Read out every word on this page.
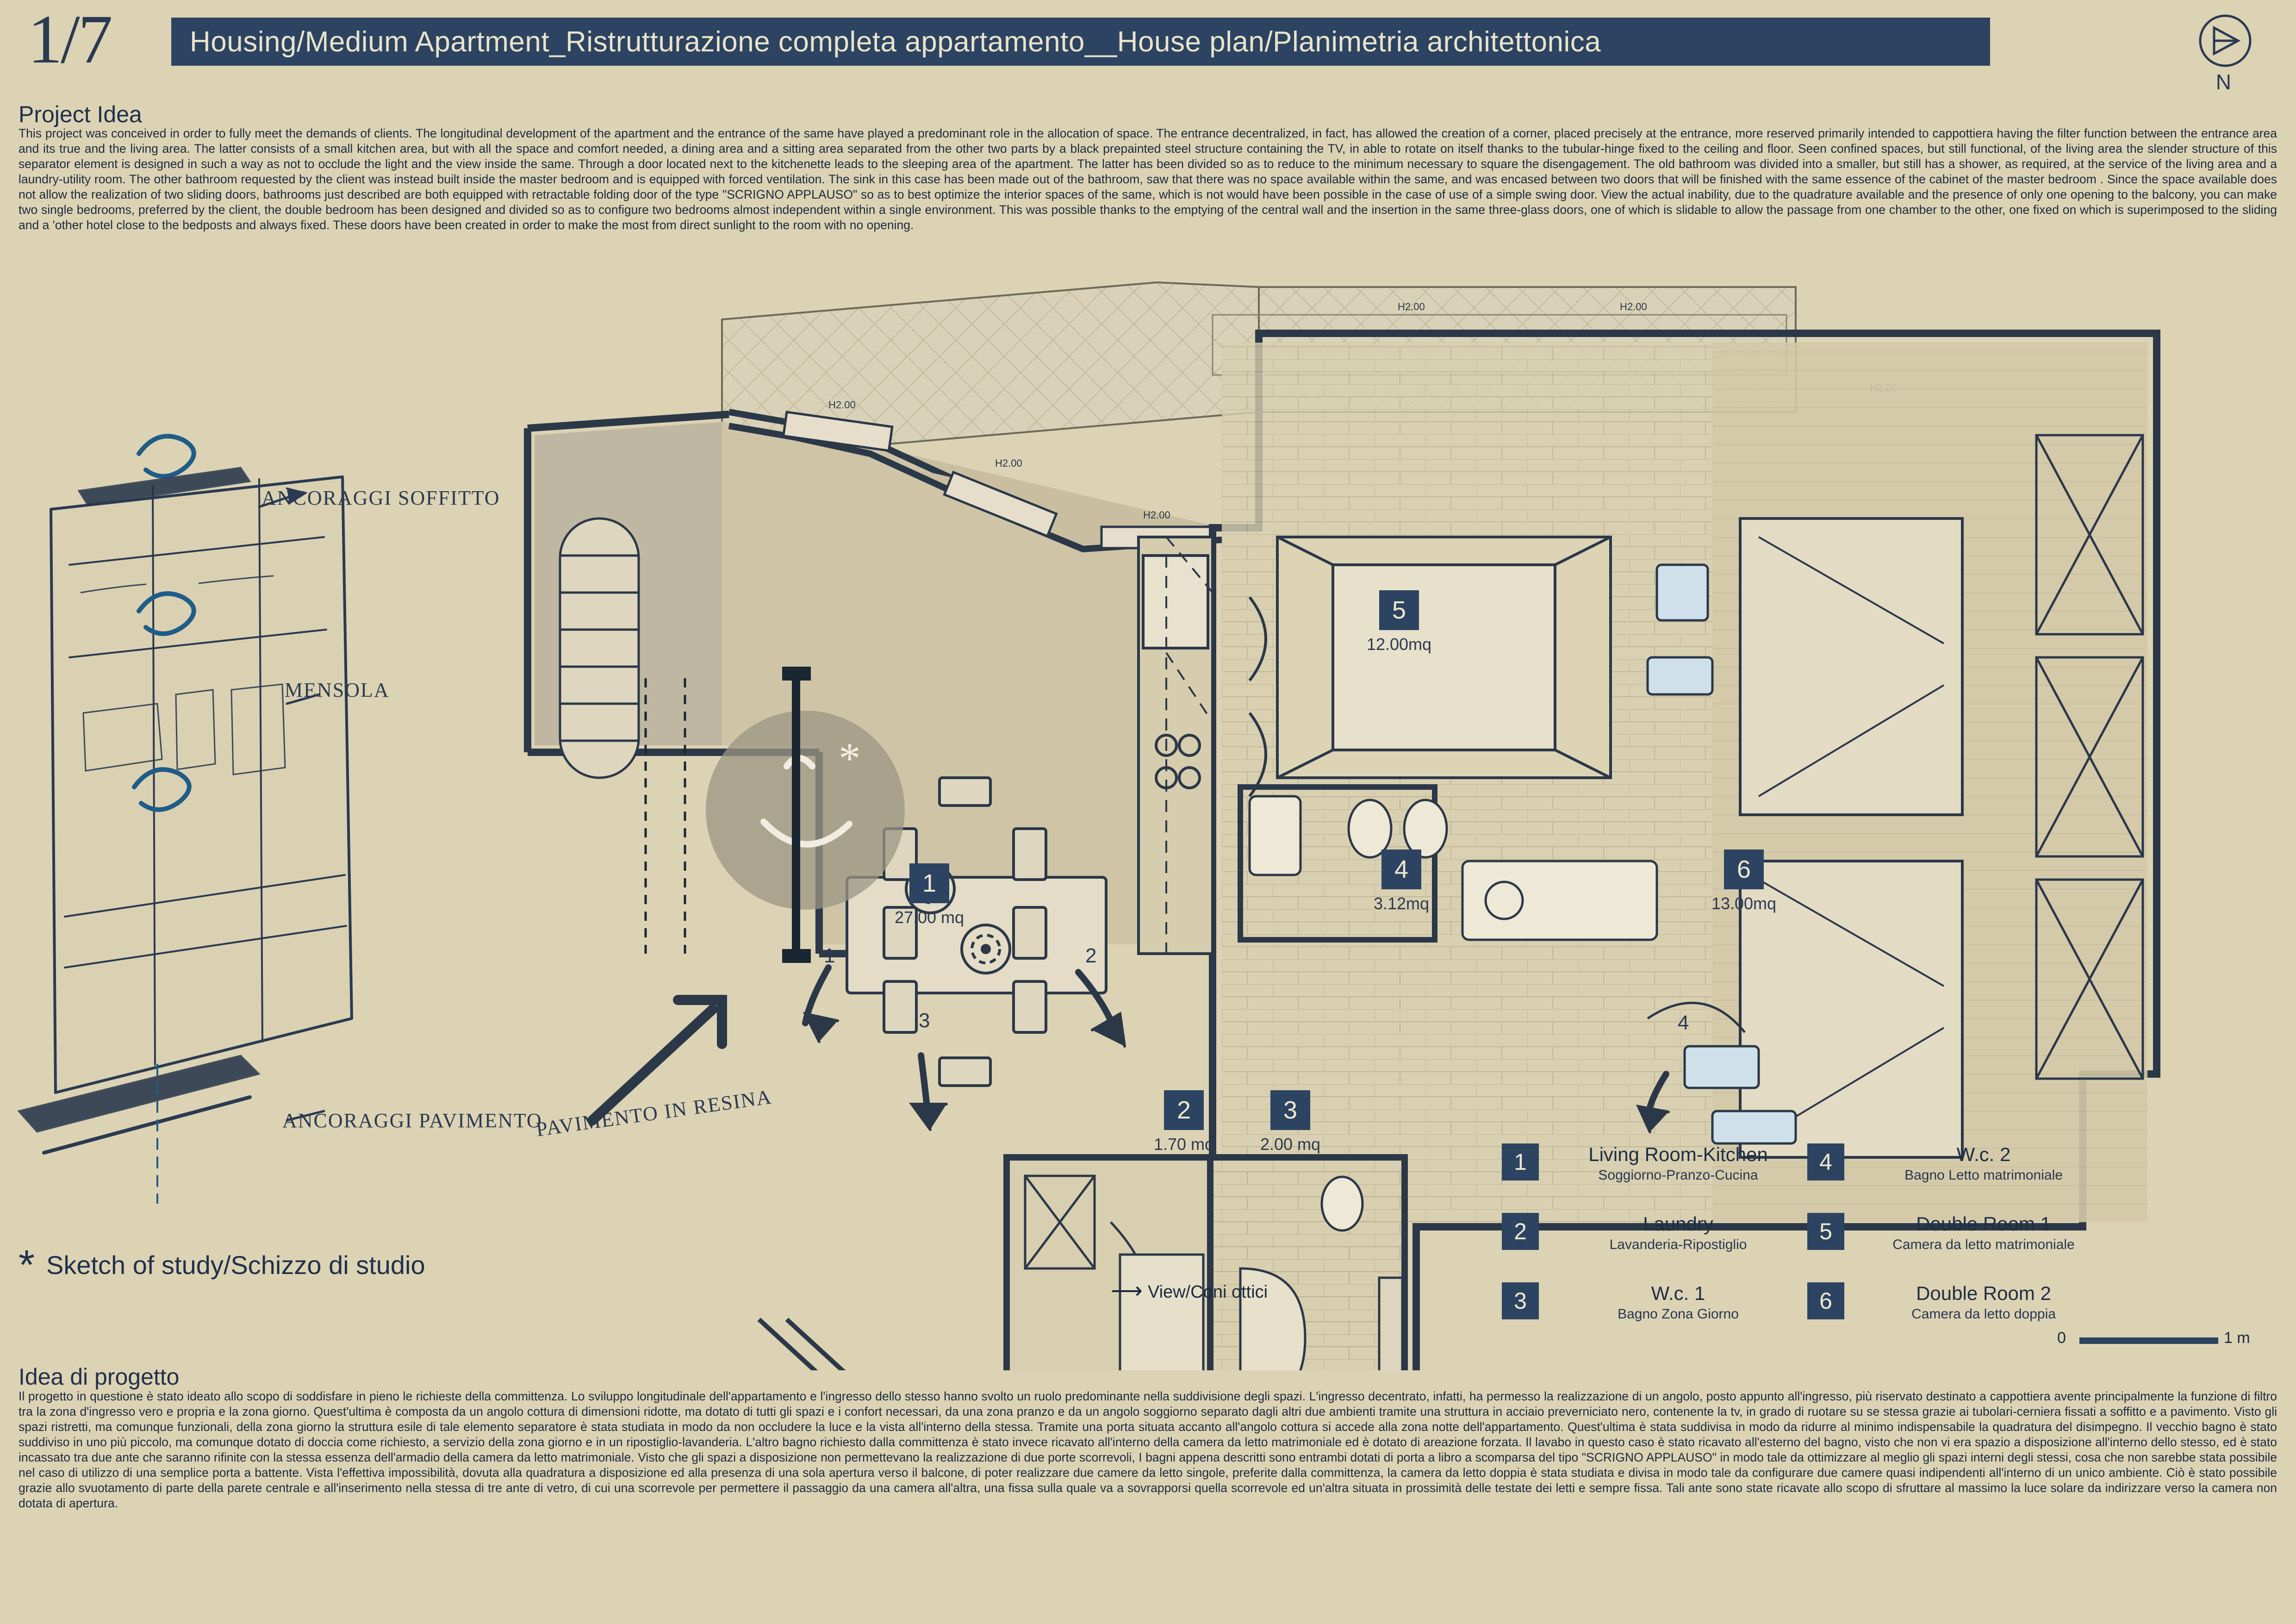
1/7	Housing/Medium Apartment_Ristrutturazione completa appartamento__House plan/Planimetria architettonica
N
Project Idea
This project was conceived in order to fully meet the demands of clients. The longitudinal development of the apartment and the entrance of the same have played a predominant role in the allocation of space. The entrance decentralized, in fact, has allowed the creation of a corner, placed precisely at the entrance, more reserved primarily intended to cappottiera having the filter function between the entrance area and its true and the living area. The latter consists of a small kitchen area, but with all the space and comfort needed, a dining area and a sitting area separated from the other two parts by a black prepainted steel structure containing the TV, in able to rotate on itself thanks to the tubular-hinge fixed to the ceiling and floor. Seen confined spaces, but still functional, of the living area the slender structure of this separator element is designed in such a way as not to occlude the light and the view inside the same. Through a door located next to the kitchenette leads to the sleeping area of the apartment. The latter has been divided so as to reduce to the minimum necessary to square the disengagement. The old bathroom was divided into a smaller, but still has a shower, as required, at the service of the living area and a laundry-utility room. The other bathroom requested by the client was instead built inside the master bedroom and is equipped with forced ventilation. The sink in this case has been made out of the bathroom, saw that there was no space available within the same, and was encased between two doors that will be finished with the same essence of the cabinet of the master bedroom . Since the space available does not allow the realization of two sliding doors, bathrooms just described are both equipped with retractable folding door of the type "SCRIGNO APPLAUSO" so as to best optimize the interior spaces of the same, which is not would have been possible in the case of use of a simple swing door. View the actual inability, due to the quadrature available and the presence of only one opening to the balcony, you can make two single bedrooms, preferred by the client, the double bedroom has been designed and divided so as to configure two bedrooms almost independent within a single environment. This was possible thanks to the emptying of the central wall and the insertion in the same three-glass doors, one of which is slidable to allow the passage from one chamber to the other, one fixed on which is superimposed to the sliding and a 'other hotel close to the bedposts and always fixed. These doors have been created in order to make the most from direct sunlight to the room with no opening.
ANCORAGGI SOFFITTO
MENSOLA
ANCORAGGI PAVIMENTO
PAVIMENTO IN RESINA
* Sketch of study/Schizzo di studio
H2.00
H2.00
H2.00
H2.00	H2.00
*
1
27.00 mq
2
1.70 mq
3
2.00 mq
4
3.12mq
5
12.00mq
6
13.00mq
1	2
3	4
⟶ View/Coni ottici
1	Living Room-Kitchen
Soggiorno-Pranzo-Cucina
4	W.c. 2
Bagno Letto matrimoniale
2	Laundry
Lavanderia-Ripostiglio
5	Double Room 1
Camera da letto matrimoniale
3	W.c. 1
Bagno Zona Giorno
6	Double Room 2
Camera da letto doppia
0	1 m
Idea di progetto
Il progetto in questione è stato ideato allo scopo di soddisfare in pieno le richieste della committenza. Lo sviluppo longitudinale dell'appartamento e l'ingresso dello stesso hanno svolto un ruolo predominante nella suddivisione degli spazi. L'ingresso decentrato, infatti, ha permesso la realizzazione di un angolo, posto appunto all'ingresso, più riservato destinato a cappottiera avente principalmente la funzione di filtro tra la zona d'ingresso vero e propria e la zona giorno. Quest'ultima è composta da un angolo cottura di dimensioni ridotte, ma dotato di tutti gli spazi e i confort necessari, da una zona pranzo e da un angolo soggiorno separato dagli altri due ambienti tramite una struttura in acciaio preverniciato nero, contenente la tv, in grado di ruotare su se stessa grazie ai tubolari-cerniera fissati a soffitto e a pavimento. Visto gli spazi ristretti, ma comunque funzionali, della zona giorno la struttura esile di tale elemento separatore è stata studiata in modo da non occludere la luce e la vista all'interno della stessa. Tramite una porta situata accanto all'angolo cottura si accede alla zona notte dell'appartamento. Quest'ultima è stata suddivisa in modo da ridurre al minimo indispensabile la quadratura del disimpegno. Il vecchio bagno è stato suddiviso in uno più piccolo, ma comunque dotato di doccia come richiesto, a servizio della zona giorno e in un ripostiglio-lavanderia. L'altro bagno richiesto dalla committenza è stato invece ricavato all'interno della camera da letto matrimoniale ed è dotato di areazione forzata. Il lavabo in questo caso è stato ricavato all'esterno del bagno, visto che non vi era spazio a disposizione all'interno dello stesso, ed è stato incassato tra due ante che saranno rifinite con la stessa essenza dell'armadio della camera da letto matrimoniale. Visto che gli spazi a disposizione non permettevano la realizzazione di due porte scorrevoli, I bagni appena descritti sono entrambi dotati di porta a libro a scomparsa del tipo "SCRIGNO APPLAUSO" in modo tale da ottimizzare al meglio gli spazi interni degli stessi, cosa che non sarebbe stata possibile nel caso di utilizzo di una semplice porta a battente. Vista l'effettiva impossibilità, dovuta alla quadratura a disposizione ed alla presenza di una sola apertura verso il balcone, di poter realizzare due camere da letto singole, preferite dalla committenza, la camera da letto doppia è stata studiata e divisa in modo tale da configurare due camere quasi indipendenti all'interno di un unico ambiente. Ciò è stato possibile grazie allo svuotamento di parte della parete centrale e all'inserimento nella stessa di tre ante di vetro, di cui una scorrevole per permettere il passaggio da una camera all'altra, una fissa sulla quale va a sovrapporsi quella scorrevole ed un'altra situata in prossimità delle testate dei letti e sempre fissa. Tali ante sono state ricavate allo scopo di sfruttare al massimo la luce solare da indirizzare verso la camera non dotata di apertura.
